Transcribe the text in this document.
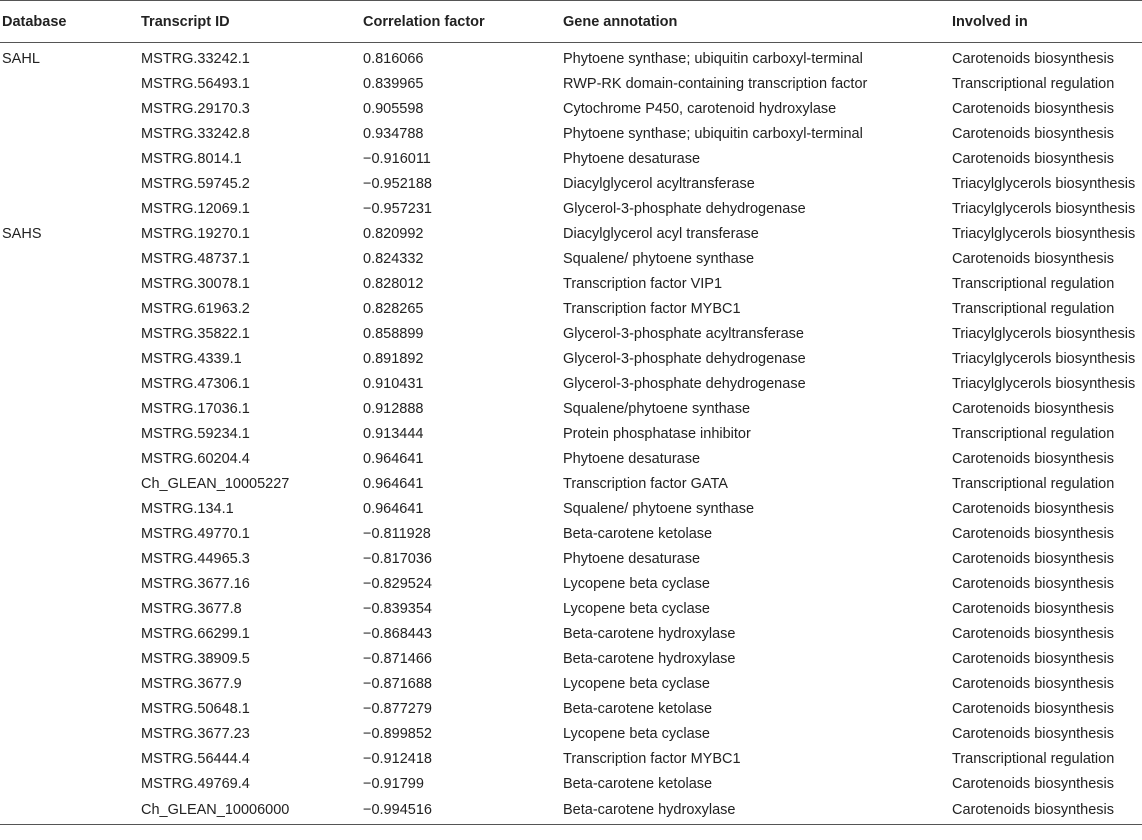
Database	Transcript ID	Correlation factor	Gene annotation	Involved in
SAHL	MSTRG.33242.1	0.816066	Phytoene synthase; ubiquitin carboxyl-terminal	Carotenoids biosynthesis
	MSTRG.56493.1	0.839965	RWP-RK domain-containing transcription factor	Transcriptional regulation
	MSTRG.29170.3	0.905598	Cytochrome P450, carotenoid hydroxylase	Carotenoids biosynthesis
	MSTRG.33242.8	0.934788	Phytoene synthase; ubiquitin carboxyl-terminal	Carotenoids biosynthesis
	MSTRG.8014.1	−0.916011	Phytoene desaturase	Carotenoids biosynthesis
	MSTRG.59745.2	−0.952188	Diacylglycerol acyltransferase	Triacylglycerols biosynthesis
	MSTRG.12069.1	−0.957231	Glycerol-3-phosphate dehydrogenase	Triacylglycerols biosynthesis
SAHS	MSTRG.19270.1	0.820992	Diacylglycerol acyl transferase	Triacylglycerols biosynthesis
	MSTRG.48737.1	0.824332	Squalene/ phytoene synthase	Carotenoids biosynthesis
	MSTRG.30078.1	0.828012	Transcription factor VIP1	Transcriptional regulation
	MSTRG.61963.2	0.828265	Transcription factor MYBC1	Transcriptional regulation
	MSTRG.35822.1	0.858899	Glycerol-3-phosphate acyltransferase	Triacylglycerols biosynthesis
	MSTRG.4339.1	0.891892	Glycerol-3-phosphate dehydrogenase	Triacylglycerols biosynthesis
	MSTRG.47306.1	0.910431	Glycerol-3-phosphate dehydrogenase	Triacylglycerols biosynthesis
	MSTRG.17036.1	0.912888	Squalene/phytoene synthase	Carotenoids biosynthesis
	MSTRG.59234.1	0.913444	Protein phosphatase inhibitor	Transcriptional regulation
	MSTRG.60204.4	0.964641	Phytoene desaturase	Carotenoids biosynthesis
	Ch_GLEAN_10005227	0.964641	Transcription factor GATA	Transcriptional regulation
	MSTRG.134.1	0.964641	Squalene/ phytoene synthase	Carotenoids biosynthesis
	MSTRG.49770.1	−0.811928	Beta-carotene ketolase	Carotenoids biosynthesis
	MSTRG.44965.3	−0.817036	Phytoene desaturase	Carotenoids biosynthesis
	MSTRG.3677.16	−0.829524	Lycopene beta cyclase	Carotenoids biosynthesis
	MSTRG.3677.8	−0.839354	Lycopene beta cyclase	Carotenoids biosynthesis
	MSTRG.66299.1	−0.868443	Beta-carotene hydroxylase	Carotenoids biosynthesis
	MSTRG.38909.5	−0.871466	Beta-carotene hydroxylase	Carotenoids biosynthesis
	MSTRG.3677.9	−0.871688	Lycopene beta cyclase	Carotenoids biosynthesis
	MSTRG.50648.1	−0.877279	Beta-carotene ketolase	Carotenoids biosynthesis
	MSTRG.3677.23	−0.899852	Lycopene beta cyclase	Carotenoids biosynthesis
	MSTRG.56444.4	−0.912418	Transcription factor MYBC1	Transcriptional regulation
	MSTRG.49769.4	−0.91799	Beta-carotene ketolase	Carotenoids biosynthesis
	Ch_GLEAN_10006000	−0.994516	Beta-carotene hydroxylase	Carotenoids biosynthesis
